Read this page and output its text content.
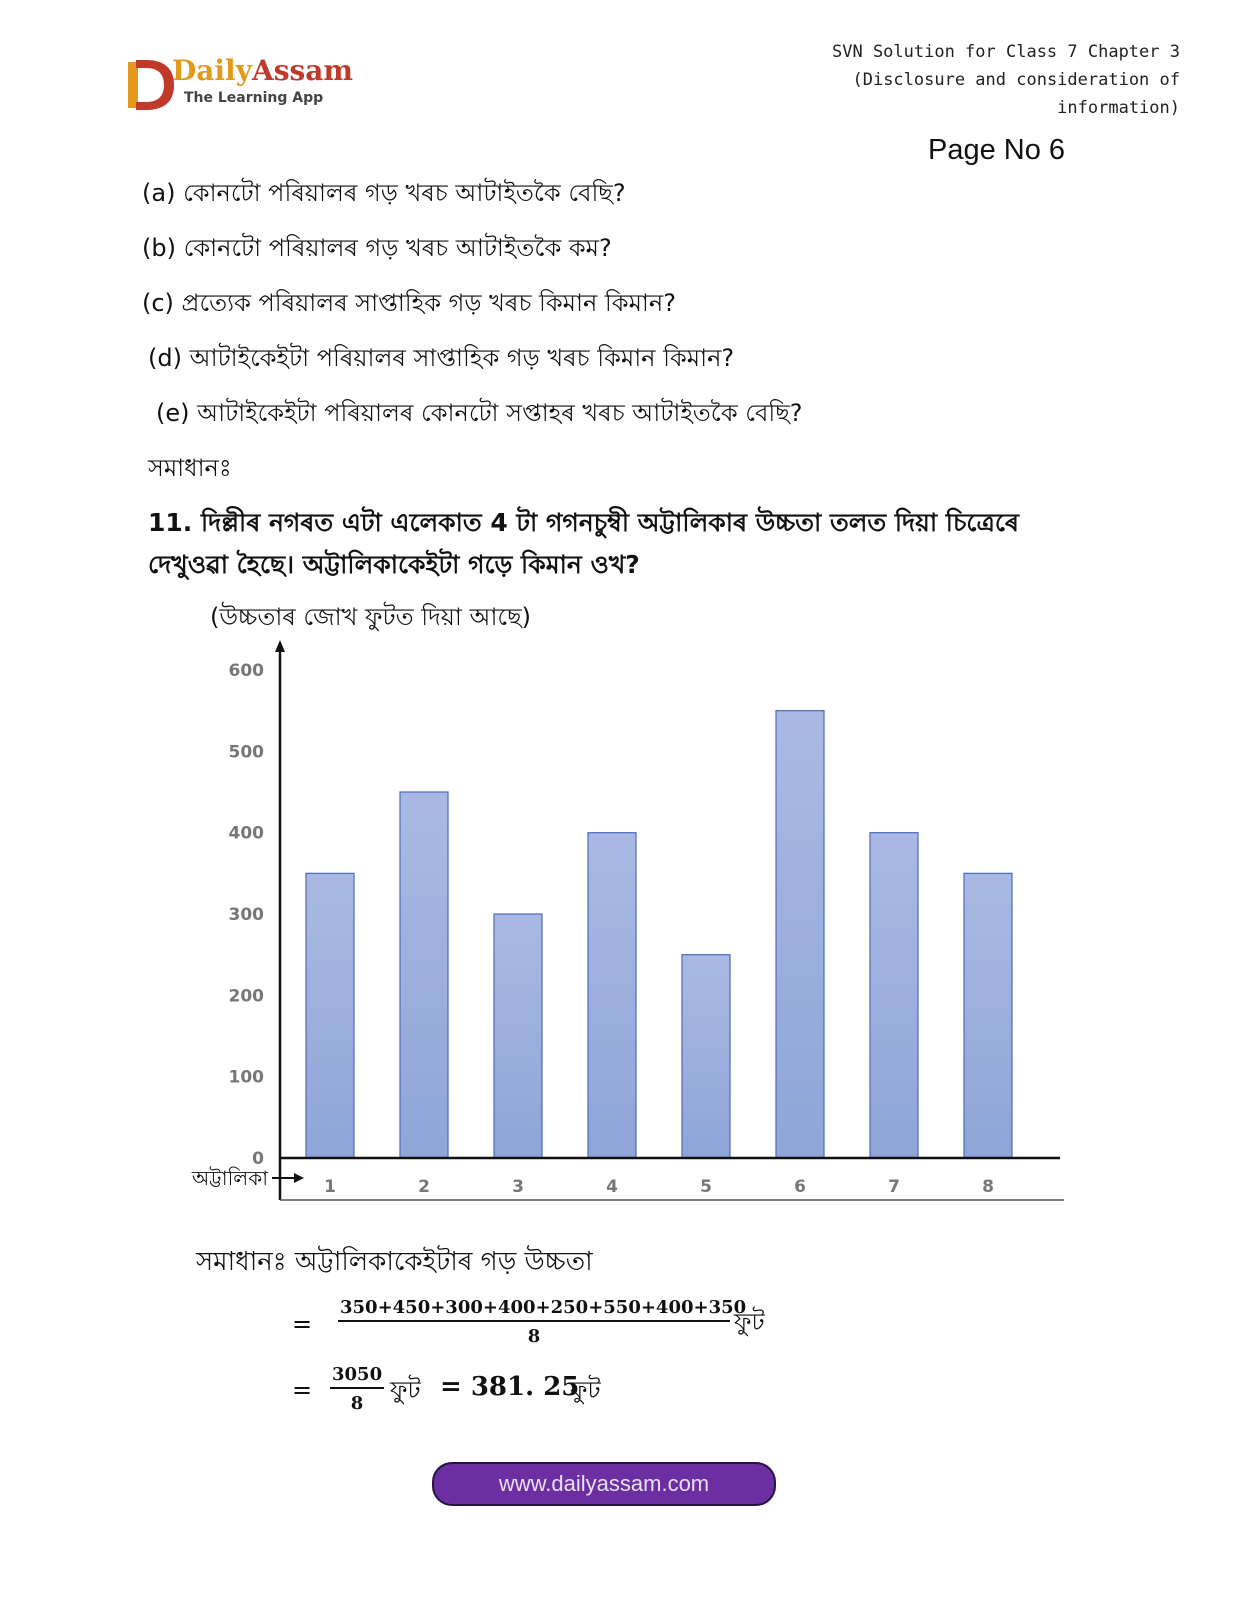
DailyAssam
The Learning App
SVN Solution for Class 7 Chapter 3
(Disclosure and consideration of
information)
Page No 6
(a) কোনটো পৰিয়ালৰ গড় খৰচ আটাইতকৈ বেছি?
(b) কোনটো পৰিয়ালৰ গড় খৰচ আটাইতকৈ কম?
(c) প্ৰত্যেক পৰিয়ালৰ সাপ্তাহিক গড় খৰচ কিমান কিমান?
(d) আটাইকেইটা পৰিয়ালৰ সাপ্তাহিক গড় খৰচ কিমান কিমান?
(e) আটাইকেইটা পৰিয়ালৰ কোনটো সপ্তাহৰ খৰচ আটাইতকৈ বেছি?
সমাধানঃ
11. দিল্লীৰ নগৰত এটা এলেকাত 4 টা গগনচুম্বী অট্টালিকাৰ উচ্চতা তলত দিয়া চিত্ৰেৰে দেখুওৱা হৈছে। অট্টালিকাকেইটা গড়ে কিমান ওখ?
(উচ্চতাৰ জোখ ফুটত দিয়া আছে)
0
100
200
300
400
500
600
1	2	3	4	5	6	7	8
অট্টালিকা
সমাধানঃ অট্টালিকাকেইটাৰ গড় উচ্চতা
= $\frac{350+450+300+400+250+550+400+350}{8}$ ফুট
= $\frac{3050}{8}$ ফুট = 381. 25
ফুট
www.dailyassam.com
